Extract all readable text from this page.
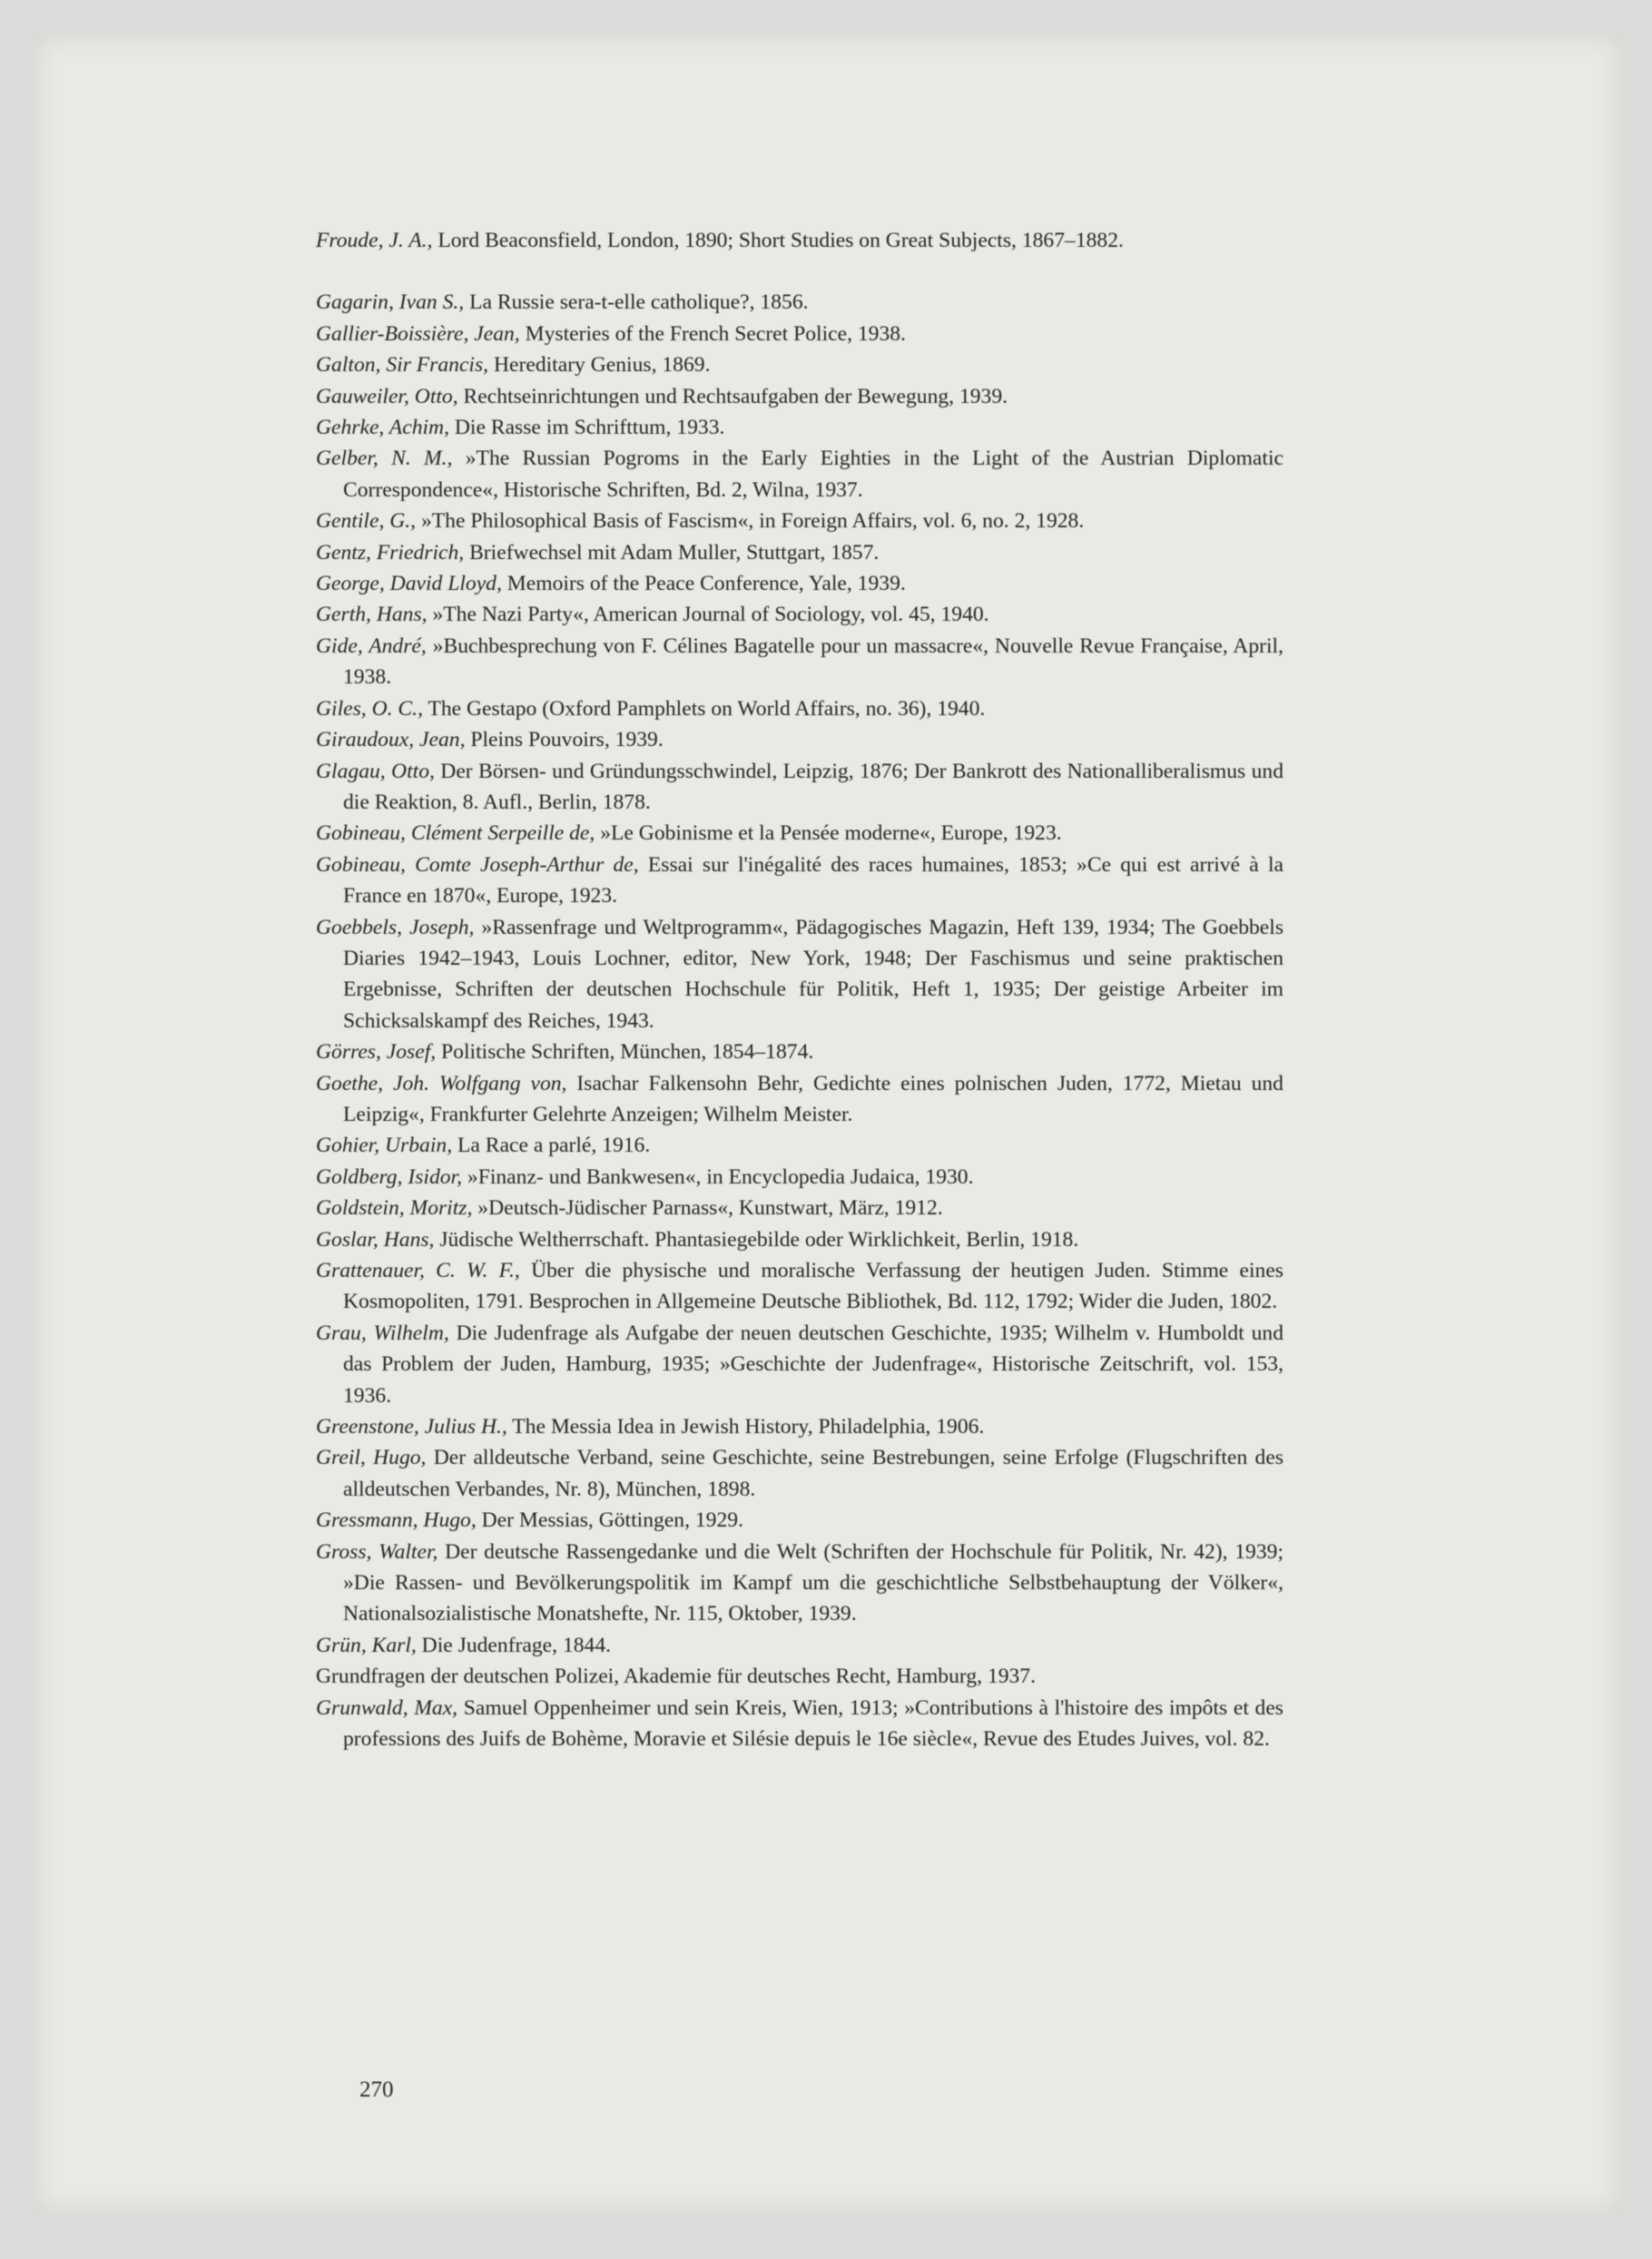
Froude, J. A., Lord Beaconsfield, London, 1890; Short Studies on Great Subjects, 1867–1882.

Gagarin, Ivan S., La Russie sera-t-elle catholique?, 1856.

Gallier-Boissière, Jean, Mysteries of the French Secret Police, 1938.

Galton, Sir Francis, Hereditary Genius, 1869.

Gauweiler, Otto, Rechtseinrichtungen und Rechtsaufgaben der Bewegung, 1939.

Gehrke, Achim, Die Rasse im Schrifttum, 1933.

Gelber, N. M., »The Russian Pogroms in the Early Eighties in the Light of the Austrian Diplomatic Correspondence«, Historische Schriften, Bd. 2, Wilna, 1937.

Gentile, G., »The Philosophical Basis of Fascism«, in Foreign Affairs, vol. 6, no. 2, 1928.

Gentz, Friedrich, Briefwechsel mit Adam Muller, Stuttgart, 1857.

George, David Lloyd, Memoirs of the Peace Conference, Yale, 1939.

Gerth, Hans, »The Nazi Party«, American Journal of Sociology, vol. 45, 1940.

Gide, André, »Buchbesprechung von F. Célines Bagatelle pour un massacre«, Nouvelle Revue Française, April, 1938.

Giles, O. C., The Gestapo (Oxford Pamphlets on World Affairs, no. 36), 1940.

Giraudoux, Jean, Pleins Pouvoirs, 1939.

Glagau, Otto, Der Börsen- und Gründungsschwindel, Leipzig, 1876; Der Bankrott des Nationalliberalismus und die Reaktion, 8. Aufl., Berlin, 1878.

Gobineau, Clément Serpeille de, »Le Gobinisme et la Pensée moderne«, Europe, 1923.

Gobineau, Comte Joseph-Arthur de, Essai sur l'inégalité des races humaines, 1853; »Ce qui est arrivé à la France en 1870«, Europe, 1923.

Goebbels, Joseph, »Rassenfrage und Weltprogramm«, Pädagogisches Magazin, Heft 139, 1934; The Goebbels Diaries 1942–1943, Louis Lochner, editor, New York, 1948; Der Faschismus und seine praktischen Ergebnisse, Schriften der deutschen Hochschule für Politik, Heft 1, 1935; Der geistige Arbeiter im Schicksalskampf des Reiches, 1943.

Görres, Josef, Politische Schriften, München, 1854–1874.

Goethe, Joh. Wolfgang von, Isachar Falkensohn Behr, Gedichte eines polnischen Juden, 1772, Mietau und Leipzig«, Frankfurter Gelehrte Anzeigen; Wilhelm Meister.

Gohier, Urbain, La Race a parlé, 1916.

Goldberg, Isidor, »Finanz- und Bankwesen«, in Encyclopedia Judaica, 1930.

Goldstein, Moritz, »Deutsch-Jüdischer Parnass«, Kunstwart, März, 1912.

Goslar, Hans, Jüdische Weltherrschaft. Phantasiegebilde oder Wirklichkeit, Berlin, 1918.

Grattenauer, C. W. F., Über die physische und moralische Verfassung der heutigen Juden. Stimme eines Kosmopoliten, 1791. Besprochen in Allgemeine Deutsche Bibliothek, Bd. 112, 1792; Wider die Juden, 1802.

Grau, Wilhelm, Die Judenfrage als Aufgabe der neuen deutschen Geschichte, 1935; Wilhelm v. Humboldt und das Problem der Juden, Hamburg, 1935; »Geschichte der Judenfrage«, Historische Zeitschrift, vol. 153, 1936.

Greenstone, Julius H., The Messia Idea in Jewish History, Philadelphia, 1906.

Greil, Hugo, Der alldeutsche Verband, seine Geschichte, seine Bestrebungen, seine Erfolge (Flugschriften des alldeutschen Verbandes, Nr. 8), München, 1898.

Gressmann, Hugo, Der Messias, Göttingen, 1929.

Gross, Walter, Der deutsche Rassengedanke und die Welt (Schriften der Hochschule für Politik, Nr. 42), 1939; »Die Rassen- und Bevölkerungspolitik im Kampf um die geschichtliche Selbstbehauptung der Völker«, Nationalsozialistische Monatshefte, Nr. 115, Oktober, 1939.

Grün, Karl, Die Judenfrage, 1844.

Grundfragen der deutschen Polizei, Akademie für deutsches Recht, Hamburg, 1937.

Grunwald, Max, Samuel Oppenheimer und sein Kreis, Wien, 1913; »Contributions à l'histoire des impôts et des professions des Juifs de Bohème, Moravie et Silésie depuis le 16e siècle«, Revue des Etudes Juives, vol. 82.

270
